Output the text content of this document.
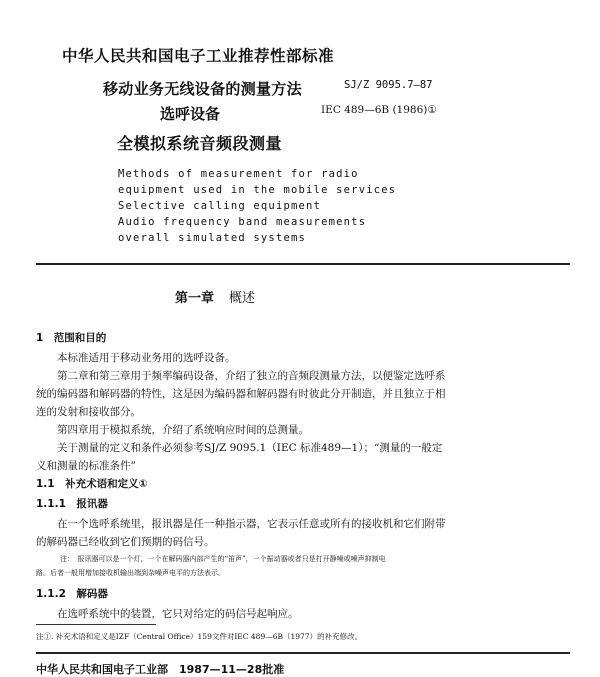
中华人民共和国电子工业推荐性部标准
移动业务无线设备的测量方法	SJ/Z 9095.7—87
选呼设备	IEC 489—6B (1986)①
全模拟系统音频段测量
Methods of measurement for radio
equipment used in the mobile services
Selective calling equipment
Audio frequency band measurements
overall simulated systems
第一章 概述
1　范围和目的
本标准适用于移动业务用的选呼设备。
第二章和第三章用于频率编码设备，介绍了独立的音频段测量方法，以便鉴定选呼系
统的编码器和解码器的特性，这是因为编码器和解码器有时彼此分开制造，并且独立于相
连的发射和接收部分。
第四章用于模拟系统，介绍了系统响应时间的总测量。
关于测量的定义和条件必须参考SJ/Z 9095.1（IEC 标准489—1）；“测量的一般定
义和测量的标准条件”
1.1　补充术语和定义①
1.1.1　报讯器
在一个选呼系统里，报讯器是任一种指示器，它表示任意或所有的接收机和它们附带
的解码器已经收到它们预期的码信号。
注：　报讯器可以是一个灯，一个在解码器内部产生的“笛声”，一个振动器或者只是打开静噪或噪声抑制电
路。后者一般用增加接收机输出端到杂噪声电平的方法表示。
1.1.2　解码器
在选呼系统中的装置，它只对给定的码信号起响应。
注①. 补充术语和定义是IZF（Central Office）159文件对IEC 489—6B（1977）的补充修改。
中华人民共和国电子工业部　1987—11—28批准
